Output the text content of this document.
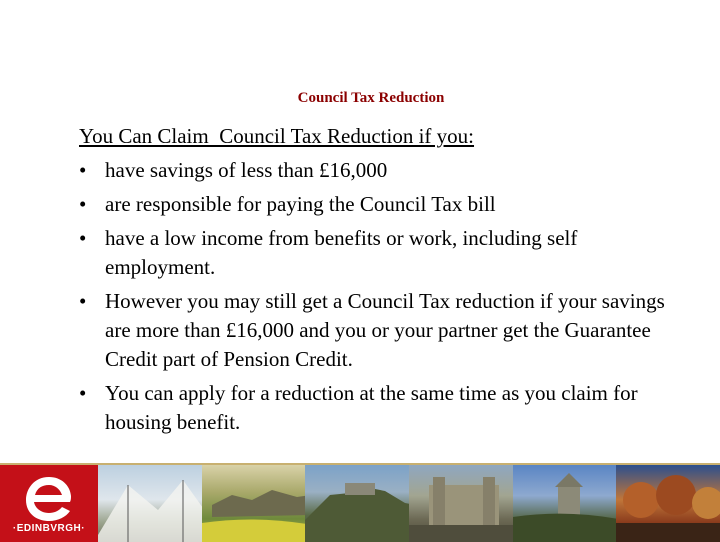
Council Tax Reduction
You Can Claim  Council Tax Reduction if you:
• have savings of less than £16,000
• are responsible for paying the Council Tax bill
• have a low income from benefits or work, including self employment.
• However you may still get a Council Tax reduction if your savings are more than £16,000 and you or your partner get the Guarantee Credit part of Pension Credit.
• You can apply for a reduction at the same time as you claim for housing benefit.
·EDINBVRGH·
